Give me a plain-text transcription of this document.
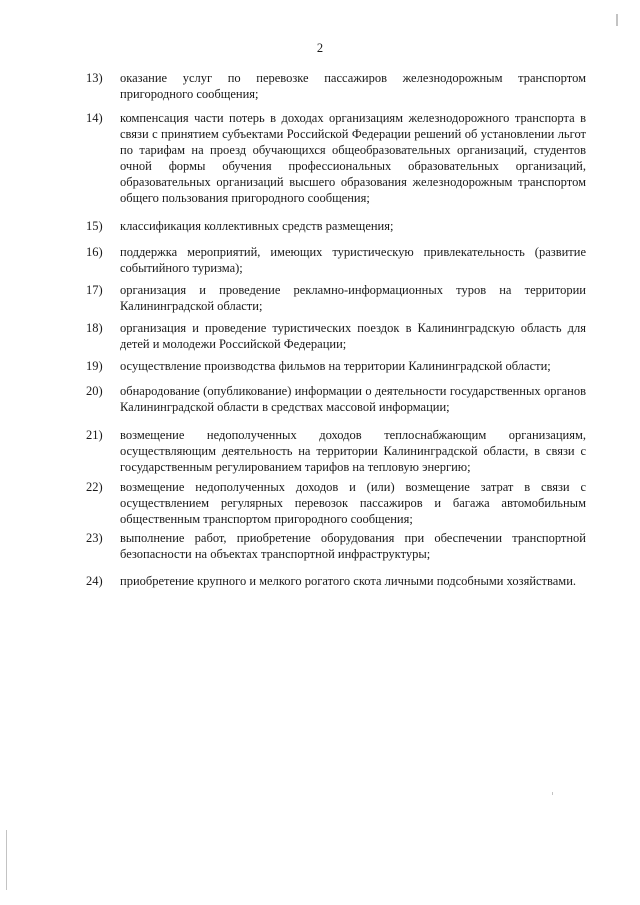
2
13) оказание услуг по перевозке пассажиров железнодорожным транспортом пригородного сообщения;
14) компенсация части потерь в доходах организациям железнодорожного транспорта в связи с принятием субъектами Российской Федерации решений об установлении льгот по тарифам на проезд обучающихся общеобразовательных организаций, студентов очной формы обучения профессиональных образовательных организаций, образовательных организаций высшего образования железнодорожным транспортом общего пользования пригородного сообщения;
15) классификация коллективных средств размещения;
16) поддержка мероприятий, имеющих туристическую привлекательность (развитие событийного туризма);
17) организация и проведение рекламно-информационных туров на территории Калининградской области;
18) организация и проведение туристических поездок в Калининградскую область для детей и молодежи Российской Федерации;
19) осуществление производства фильмов на территории Калининградской области;
20) обнародование (опубликование) информации о деятельности государственных органов Калининградской области в средствах массовой информации;
21) возмещение недополученных доходов теплоснабжающим организациям, осуществляющим деятельность на территории Калининградской области, в связи с государственным регулированием тарифов на тепловую энергию;
22) возмещение недополученных доходов и (или) возмещение затрат в связи с осуществлением регулярных перевозок пассажиров и багажа автомобильным общественным транспортом пригородного сообщения;
23) выполнение работ, приобретение оборудования при обеспечении транспортной безопасности на объектах транспортной инфраструктуры;
24) приобретение крупного и мелкого рогатого скота личными подсобными хозяйствами.
